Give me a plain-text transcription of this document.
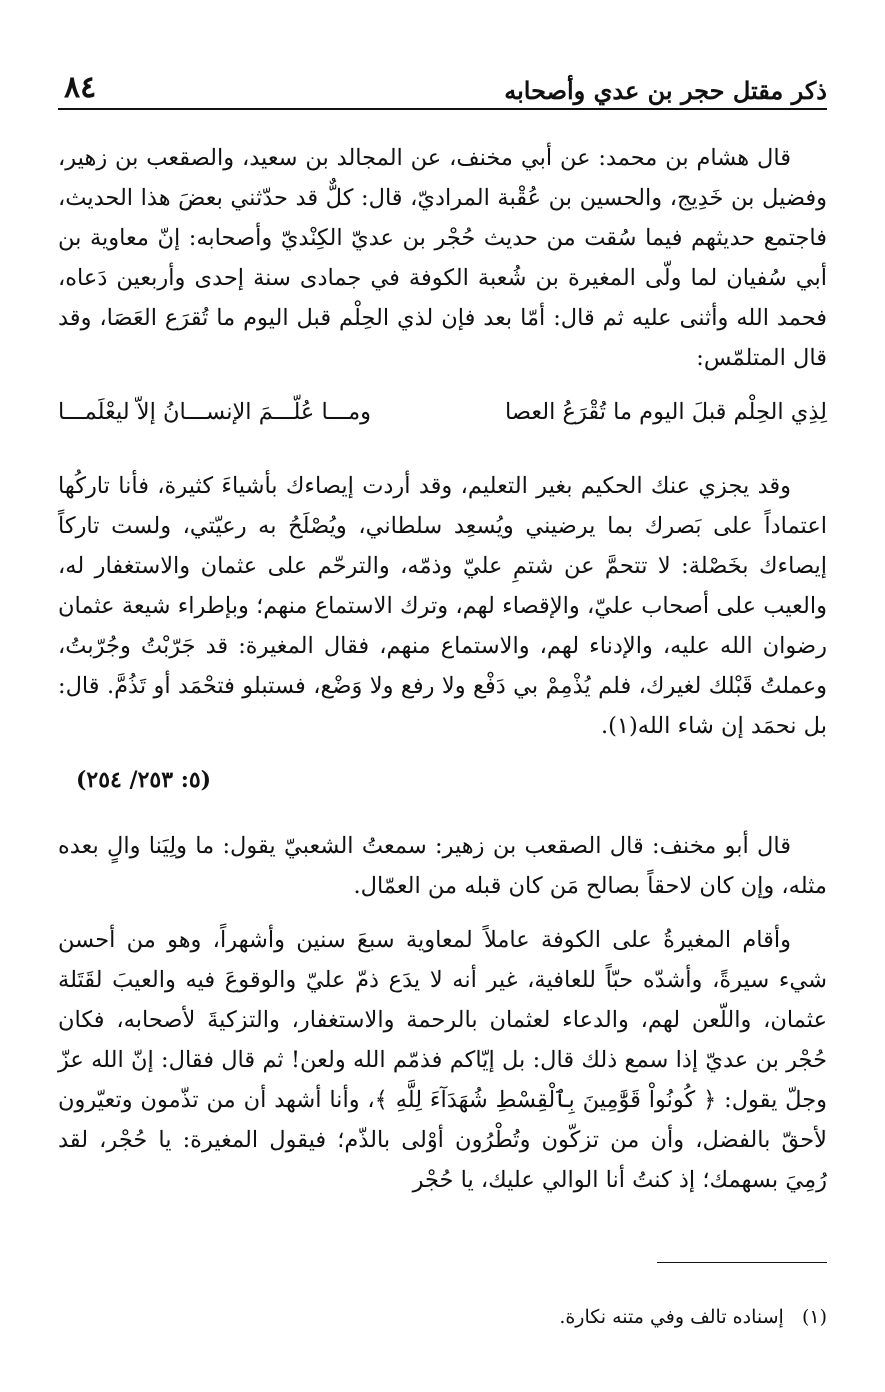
ذكر مقتل حجر بن عدي وأصحابه
٨٤

قال هشام بن محمد: عن أبي مخنف، عن المجالد بن سعيد، والصقعب بن زهير، وفضيل بن خَدِيج، والحسين بن عُقْبة المراديّ، قال: كلٌّ قد حدّثني بعضَ هذا الحديث، فاجتمع حديثهم فيما سُقت من حديث حُجْر بن عديّ الكِنْديّ وأصحابه: إنّ معاوية بن أبي سُفيان لما ولّى المغيرة بن شُعبة الكوفة في جمادى سنة إحدى وأربعين دَعاه، فحمد الله وأثنى عليه ثم قال: أمّا بعد فإن لذي الحِلْم قبل اليوم ما تُقرَع العَصَا، وقد قال المتلمّس:

لِذِي الحِلْم قبلَ اليوم ما تُقْرَعُ العصا
ومـــا عُلّـــمَ الإنســـانُ إلاّ ليعْلَمـــا

وقد يجزي عنك الحكيم بغير التعليم، وقد أردت إيصاءك بأشياءَ كثيرة، فأنا تاركُها اعتماداً على بَصرك بما يرضيني ويُسعِد سلطاني، ويُصْلَحُ به رعيّتي، ولست تاركاً إيصاءك بخَصْلة: لا تتحمَّ عن شتمِ عليّ وذمّه، والترحّم على عثمان والاستغفار له، والعيب على أصحاب عليّ، والإقصاء لهم، وترك الاستماع منهم؛ وبإطراء شيعة عثمان رضوان الله عليه، والإدناء لهم، والاستماع منهم، فقال المغيرة: قد جَرّبْتُ وجُرّبتُ، وعملتُ قَبْلك لغيرك، فلم يُذْمِمْ بي دَفْع ولا رفع ولا وَضْع، فستبلو فتحْمَد أو تَذُمَّ. قال: بل نحمَد إن شاء الله(١).

(٥: ٢٥٣/ ٢٥٤)

قال أبو مخنف: قال الصقعب بن زهير: سمعتُ الشعبيّ يقول: ما ولِيَنا والٍ بعده مثله، وإن كان لاحقاً بصالح مَن كان قبله من العمّال.

وأقام المغيرةُ على الكوفة عاملاً لمعاوية سبعَ سنين وأشهراً، وهو من أحسن شيء سيرةً، وأشدّه حبّاً للعافية، غير أنه لا يدَع ذمّ عليّ والوقوعَ فيه والعيبَ لقَتَلة عثمان، واللّعن لهم، والدعاء لعثمان بالرحمة والاستغفار، والتزكيةَ لأصحابه، فكان حُجْر بن عديّ إذا سمع ذلك قال: بل إيّاكم فذمّم الله ولعن! ثم قال فقال: إنّ الله عزّ وجلّ يقول: ﴿ كُونُواْ قَوَّٰمِينَ بِٱلْقِسْطِ شُهَدَآءَ لِلَّهِ ﴾، وأنا أشهد أن من تذّمون وتعيّرون لأحقّ بالفضل، وأن من تزكّون وتُطْرُون أوْلى بالذّم؛ فيقول المغيرة: يا حُجْر، لقد رُمِيَ بسهمك؛ إذ كنتُ أنا الوالي عليك، يا حُجْر

(١)   إسناده تالف وفي متنه نكارة.
